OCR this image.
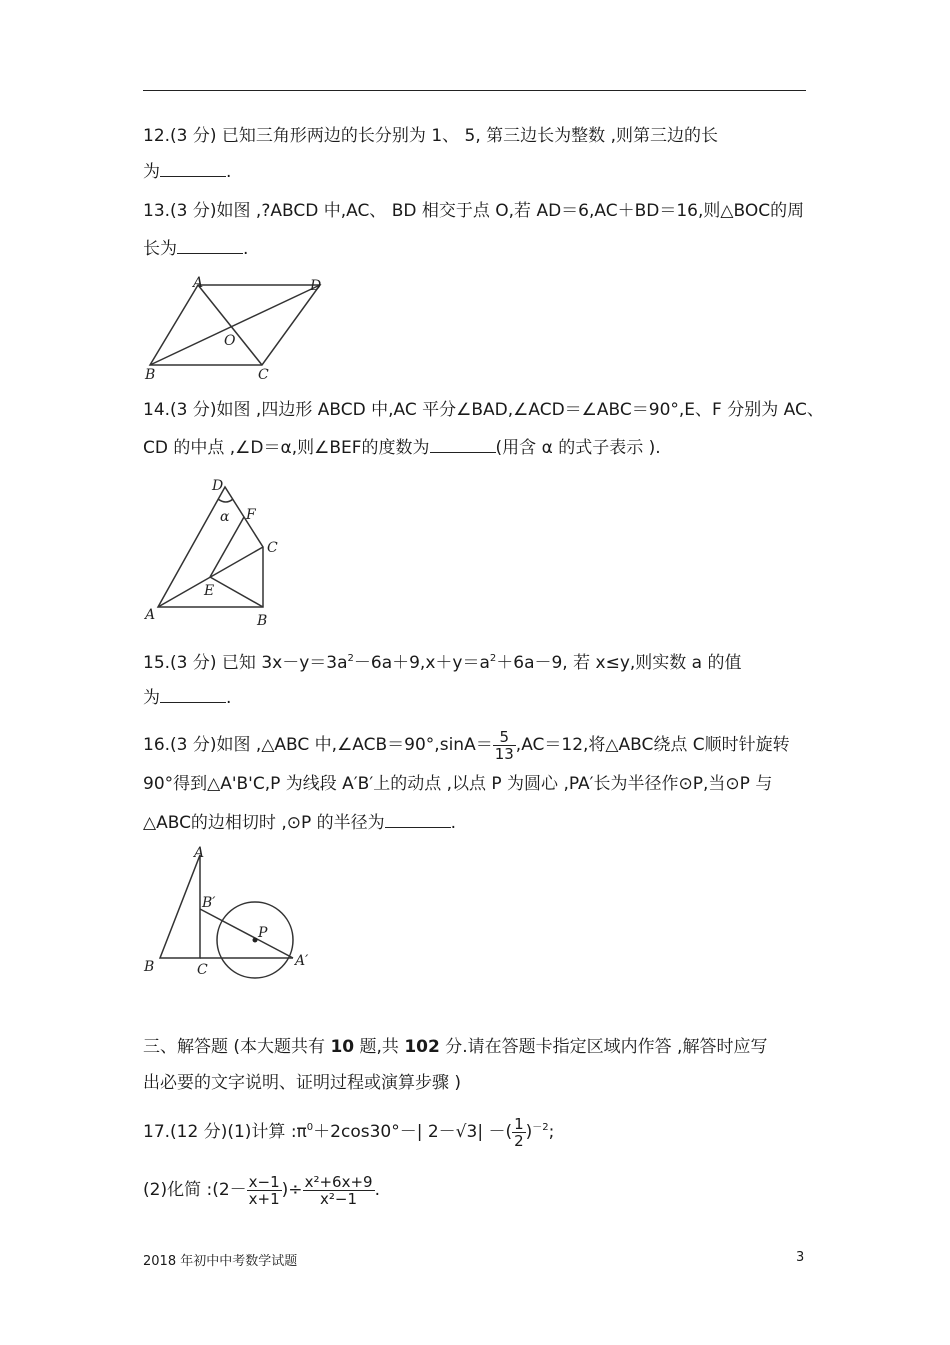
12.(3 分) 已知三角形两边的长分别为 1、 5, 第三边长为整数 ,则第三边的长
为	.
13.(3 分)如图 ,?ABCD 中,AC、 BD 相交于点 O,若 AD＝6,AC＋BD＝16,则△BOC的周
长为	.
A	D
B	C
O
14.(3 分)如图 ,四边形 ABCD 中,AC 平分∠BAD,∠ACD＝∠ABC＝90°,E、F 分别为 AC、
CD 的中点 ,∠D＝α,则∠BEF的度数为	(用含 α 的式子表示 ).
D
α F
C
E
A	B
15.(3 分) 已知 $3x-y=3a^2-6a+9,x+y=a^2+6a-9$, 若 x≤y,则实数 a 的值
为	.
16.(3 分)如图 ,△ABC 中,∠ACB＝90°,sinA＝ $\frac{5}{13} ,AC=12$,将△ABC绕点 C顺时针旋转
90°得到△A'B'C,P 为线段 A′B′上的动点 ,以点 P 为圆心 ,PA′长为半径作⊙P,当⊙P 与
△ABC的边相切时 ,⊙P 的半径为	.
A
B′
P
B	C
A′
三、解答题 (本大题共有 10 题,共 102 分.请在答题卡指定区域内作答 ,解答时应写
出必要的文字说明、证明过程或演算步骤 )
17.(12 分)(1)计算 $:\pi^0+2\cos 30^\circ-|$ 2－√3| －( $\frac{1}{2} )^{-2}$;
(2)化简 :(2－ $\frac{x-1}{x+1}$ )÷ $\frac{\text{x²+6x+9}}{\text{x²−1}}$ .
2018 年初中中考数学试题	3
